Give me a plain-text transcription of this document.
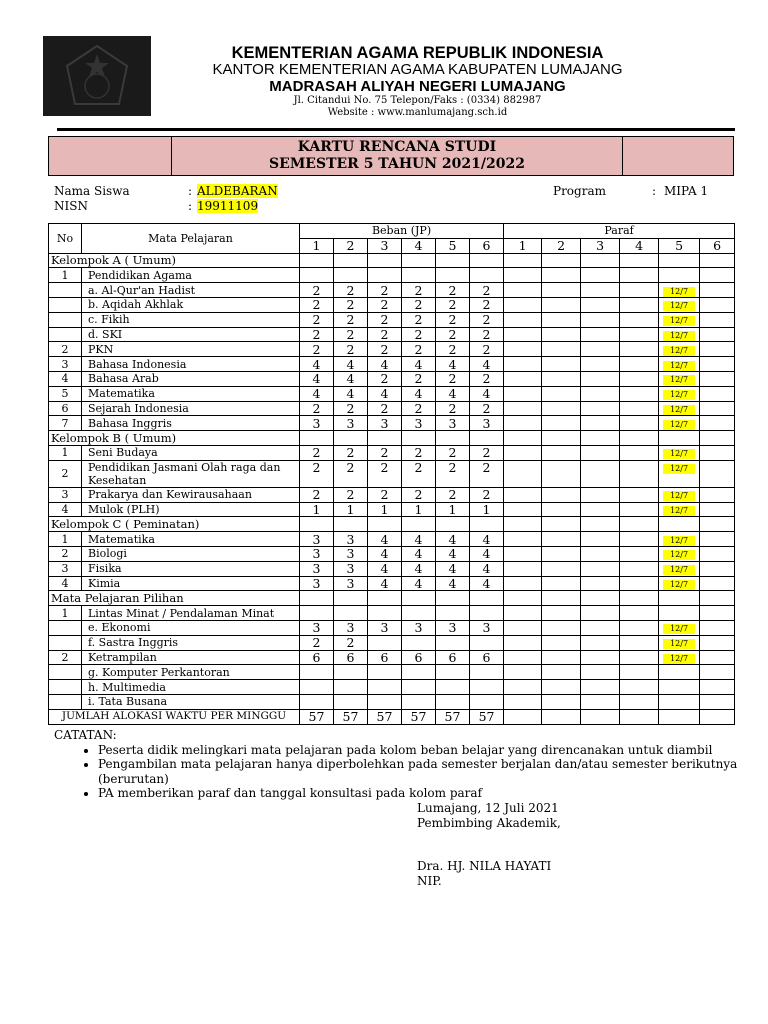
KEMENTERIAN AGAMA REPUBLIK INDONESIA
KANTOR KEMENTERIAN AGAMA KABUPATEN LUMAJANG
MADRASAH ALIYAH NEGERI LUMAJANG
Jl. Citandui No. 75 Telepon/Faks : (0334) 882987
Website : www.manlumajang.sch.id

KARTU RENCANA STUDI
SEMESTER 5 TAHUN 2021/2022

Nama Siswa	: ALDEBARAN	Program	: MIPA 1
NISN	: 19911109
No	Mata Pelajaran	Beban (JP)						Paraf					
		1	2	3	4	5	6	1	2	3	4	5	6
Kelompok A ( Umum)													
1	Pendidikan Agama												
	a. Al-Qur'an Hadist	2	2	2	2	2	2					12/7	
	b. Aqidah Akhlak	2	2	2	2	2	2					12/7	
	c. Fikih	2	2	2	2	2	2					12/7	
	d. SKI	2	2	2	2	2	2					12/7	
2	PKN	2	2	2	2	2	2					12/7	
3	Bahasa Indonesia	4	4	4	4	4	4					12/7	
4	Bahasa Arab	4	4	2	2	2	2					12/7	
5	Matematika	4	4	4	4	4	4					12/7	
6	Sejarah Indonesia	2	2	2	2	2	2					12/7	
7	Bahasa Inggris	3	3	3	3	3	3					12/7	
Kelompok B ( Umum)													
1	Seni Budaya	2	2	2	2	2	2					12/7	
2	Pendidikan Jasmani Olah raga dan Kesehatan	2	2	2	2	2	2					12/7	
3	Prakarya dan Kewirausahaan	2	2	2	2	2	2					12/7	
4	Mulok (PLH)	1	1	1	1	1	1					12/7	
Kelompok C ( Peminatan)													
1	Matematika	3	3	4	4	4	4					12/7	
2	Biologi	3	3	4	4	4	4					12/7	
3	Fisika	3	3	4	4	4	4					12/7	
4	Kimia	3	3	4	4	4	4					12/7	
Mata Pelajaran Pilihan													
1	Lintas Minat / Pendalaman Minat												
	e. Ekonomi	3	3	3	3	3	3					12/7	
	f. Sastra Inggris	2	2									12/7	
2	Ketrampilan	6	6	6	6	6	6					12/7	
	g. Komputer Perkantoran												
	h. Multimedia												
	i. Tata Busana												
JUMLAH ALOKASI WAKTU PER MINGGU		57	57	57	57	57	57						
CATATAN:
• Peserta didik melingkari mata pelajaran pada kolom beban belajar yang direncanakan untuk diambil
• Pengambilan mata pelajaran hanya diperbolehkan pada semester berjalan dan/atau semester berikutnya (berurutan)
• PA memberikan paraf dan tanggal konsultasi pada kolom paraf
Lumajang, 12 Juli 2021
Pembimbing Akademik,
Dra. HJ. NILA HAYATI
NIP.
